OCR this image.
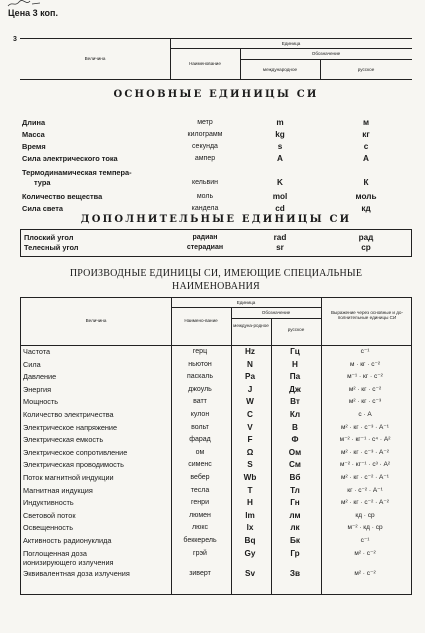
Цена 3 коп.
3
Величина
Единица
Наименование
Обозначение
международное	русское
ОСНОВНЫЕ ЕДИНИЦЫ СИ
Длина	метр	m	м
Масса	килограмм	kg	кг
Время	секунда	s	с
Сила электрического тока	ампер	A	А
Термодинамическая темпера-
тура	кельвин	K	К
Количество вещества	моль	mol	моль
Сила света	кандела	cd	кд
ДОПОЛНИТЕЛЬНЫЕ ЕДИНИЦЫ СИ
Плоский угол	радиан	rad	рад
Телесный угол	стерадиан	sr	ср
ПРОИЗВОДНЫЕ ЕДИНИЦЫ СИ, ИМЕЮЩИЕ СПЕЦИАЛЬНЫЕ
НАИМЕНОВАНИЯ
Величина
Единица
Наимено-вание
Обозначение
междуна-родное
русское
Выражение через основные и до-полнительные единицы СИ
Частота	герц	Hz	Гц	с⁻¹
Сила	ньютон	N	Н	м · кг · с⁻²
Давление	паскаль	Pa	Па	м⁻¹ · кг · с⁻²
Энергия	джоуль	J	Дж	м² · кг · с⁻²
Мощность	ватт	W	Вт	м² · кг · с⁻³
Количество электричества	кулон	C	Кл	с · А
Электрическое напряжение	вольт	V	В	м² · кг · с⁻³ · А⁻¹
Электрическая емкость	фарад	F	Ф	м⁻² · кг⁻¹ · с⁴ · А²
Электрическое сопротивление	ом	Ω	Ом	м² · кг · с⁻³ · А⁻²
Электрическая проводимость	сименс	S	См	м⁻² · кг⁻¹ · с³ · А²
Поток магнитной индукции	вебер	Wb	Вб	м² · кг · с⁻² · А⁻¹
Магнитная индукция	тесла	T	Тл	кг · с⁻² · А⁻¹
Индуктивность	генри	H	Гн	м² · кг · с⁻² · А⁻²
Световой поток	люмен	lm	лм	кд · ср
Освещенность	люкс	lx	лк	м⁻² · кд · ср
Активность радионуклида	беккерель	Bq	Бк	с⁻¹
Поглощенная доза
ионизирующего излучения
грэй	Gy	Гр	м² · с⁻²
Эквивалентная доза излучения	зиверт	Sv	Зв	м² · с⁻²
